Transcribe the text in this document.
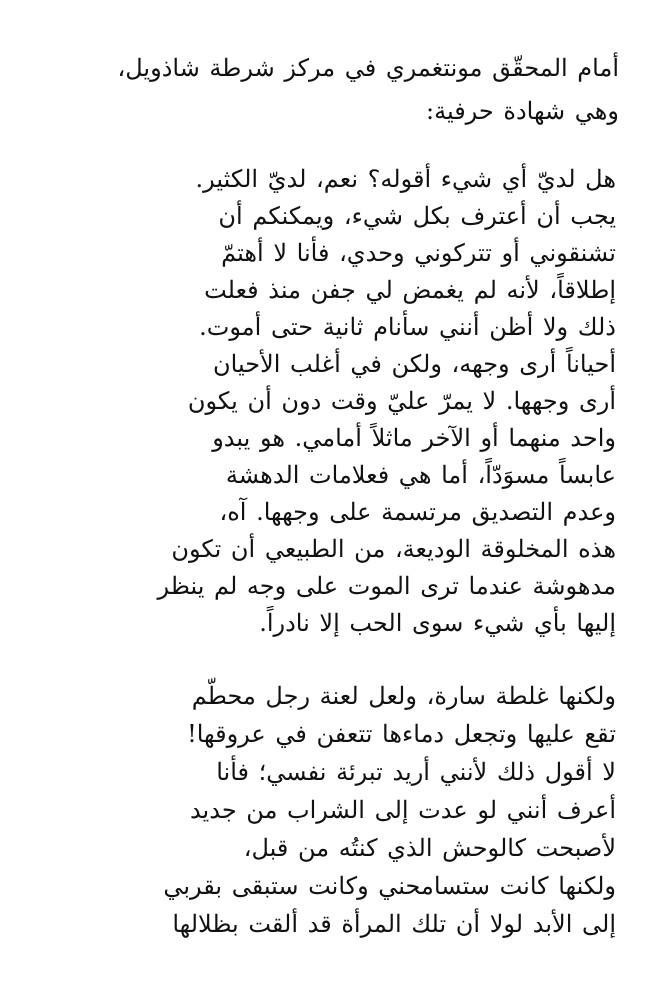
أمام المحقّق مونتغمري في مركز شرطة شاذويل،
وهي شهادة حرفية:
هل لديّ أي شيء أقوله؟ نعم، لديّ الكثير.
يجب أن أعترف بكل شيء، ويمكنكم أن
تشنقوني أو تتركوني وحدي، فأنا لا أهتمّ
إطلاقاً، لأنه لم يغمض لي جفن منذ فعلت
ذلك ولا أظن أنني سأنام ثانية حتى أموت.
أحياناً أرى وجهه، ولكن في أغلب الأحيان
أرى وجهها. لا يمرّ عليّ وقت دون أن يكون
واحد منهما أو الآخر ماثلاً أمامي. هو يبدو
عابساً مسوَدّاً، أما هي فعلامات الدهشة
وعدم التصديق مرتسمة على وجهها. آه،
هذه المخلوقة الوديعة، من الطبيعي أن تكون
مدهوشة عندما ترى الموت على وجه لم ينظر
إليها بأي شيء سوى الحب إلا نادراً.
ولكنها غلطة سارة، ولعل لعنة رجل محطّم
تقع عليها وتجعل دماءها تتعفن في عروقها!
لا أقول ذلك لأنني أريد تبرئة نفسي؛ فأنا
أعرف أنني لو عدت إلى الشراب من جديد
لأصبحت كالوحش الذي كنتُه من قبل،
ولكنها كانت ستسامحني وكانت ستبقى بقربي
إلى الأبد لولا أن تلك المرأة قد ألقت بظلالها
